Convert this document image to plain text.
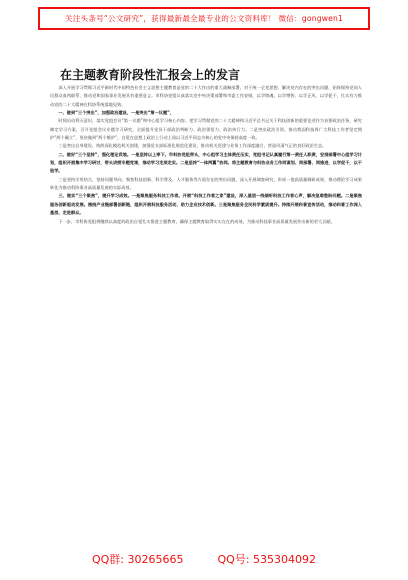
关注头条号“公文研究”，获得最新最全最专业的公文资料库！ 微信：gongwen1
在主题教育阶段性汇报会上的发言

深入开展学习贯彻习近平新时代中国特色社会主义思想主题教育是党的二十大作出的重大战略部署，对于统一全党思想、解决党内存在的突出问题、始终保持党同人民群众血肉联系、推动党和国家事业发展具有重要意义。市科协党组认真落实党中央决策部署和市委工作安排，以学铸魂、以学增智、以学正风、以学促干，扎实有力推动党的二十大精神在科协系统落地见效。

一、做到“三个突出”，加强政治建设，一是突出“第一议题”，

时间启动利天意识，落实党组会议“第一议题”和中心组学习核心内容。把学习贯彻党的二十大精神和习近平总书记关于科技创新的重要论述作为首要政治任务，研究制定学习方案，召开党组会议专题学习研究，全面提升党员干部政治判断力、政治领悟力、政治执行力。二是突出政治引领。推动我国科技界广大科技工作者坚定拥护“两个确立”、坚决做到“两个维护”，自觉在思想上政治上行动上同以习近平同志为核心的党中央保持高度一致。

三是突出自身建设，持续深化模范机关创建，加强党支部标准化规范化建设，推动机关党建与业务工作深度融合，营造风清气正的良好政治生态。

二、做好“三个坚持”，强化理论武装。一是坚持以上率下。市科协党组带头，中心组学习主体责任压实，党组书记认真履行第一责任人职责，安排部署中心组学习计划，组织开展集中学习研讨，带头讲授专题党课，推动学习走深走实。二是坚持“一体两翼”协同。将主题教育与科协业务工作同谋划、同部署、同推进，以学促干，以干验学。

三是坚持学用结合，坚持问题导向，聚焦科技创新、科学普及、人才服务等方面存在的突出问题，深入开展调查研究，形成一批高质量调研成果，推动理论学习成果转化为推动科协事业高质量发展的实际成效。

三、做实“三个聚焦”，提升学习成效。一是聚焦服务科技工作者。开展“科技工作者之家”建设，深入基层一线倾听科技工作者心声，解决急难愁盼问题。二是聚焦服务创新驱动发展。围绕产业链部署创新链，组织开展科技服务活动，助力企业技术创新。三是聚焦服务全民科学素质提升。持续开展科普宣传活动，推动科普工作深入基层、走进群众。

下一步，市科协党组将继续以高度的政治自觉扎实推进主题教育，确保主题教育取得实实在在的成效，为推动科技事业高质量发展作出新的更大贡献。

QQ群: 30265665	QQ号: 535304092
